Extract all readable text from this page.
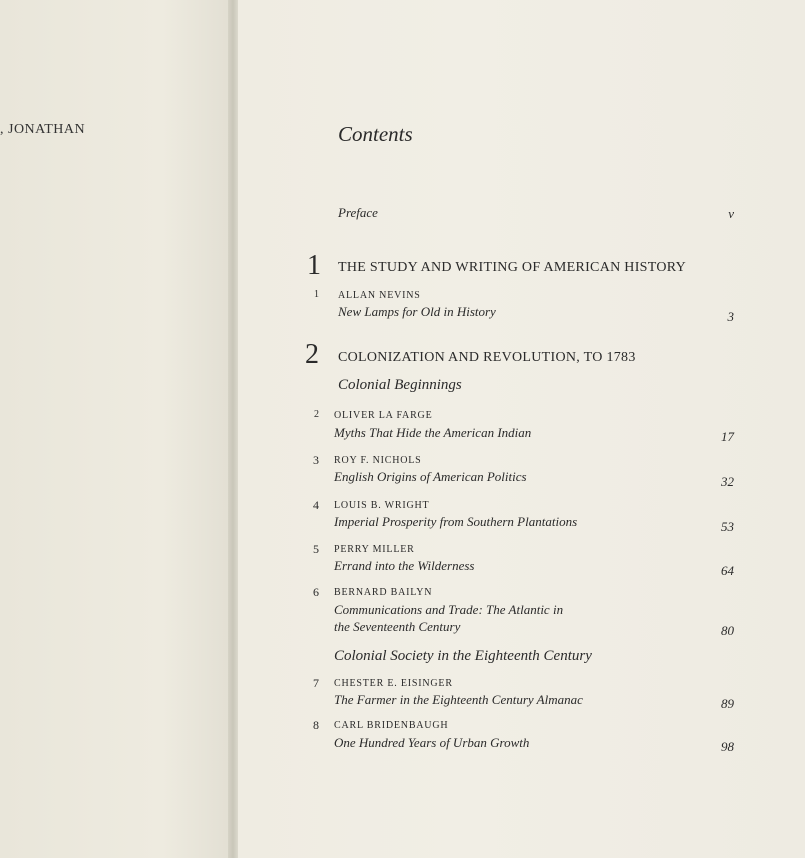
, JONATHAN	Contents
Preface	v
1 THE STUDY AND WRITING OF AMERICAN HISTORY
1 ALLAN NEVINS
New Lamps for Old in History	3
2 COLONIZATION AND REVOLUTION, TO 1783
Colonial Beginnings
2 OLIVER LA FARGE
Myths That Hide the American Indian	17
3 ROY F. NICHOLS
English Origins of American Politics	32
4 LOUIS B. WRIGHT
Imperial Prosperity from Southern Plantations	53
5 PERRY MILLER
Errand into the Wilderness	64
6 BERNARD BAILYN
Communications and Trade: The Atlantic in
the Seventeenth Century	80
Colonial Society in the Eighteenth Century
7 CHESTER E. EISINGER
The Farmer in the Eighteenth Century Almanac	89
8 CARL BRIDENBAUGH
One Hundred Years of Urban Growth	98
